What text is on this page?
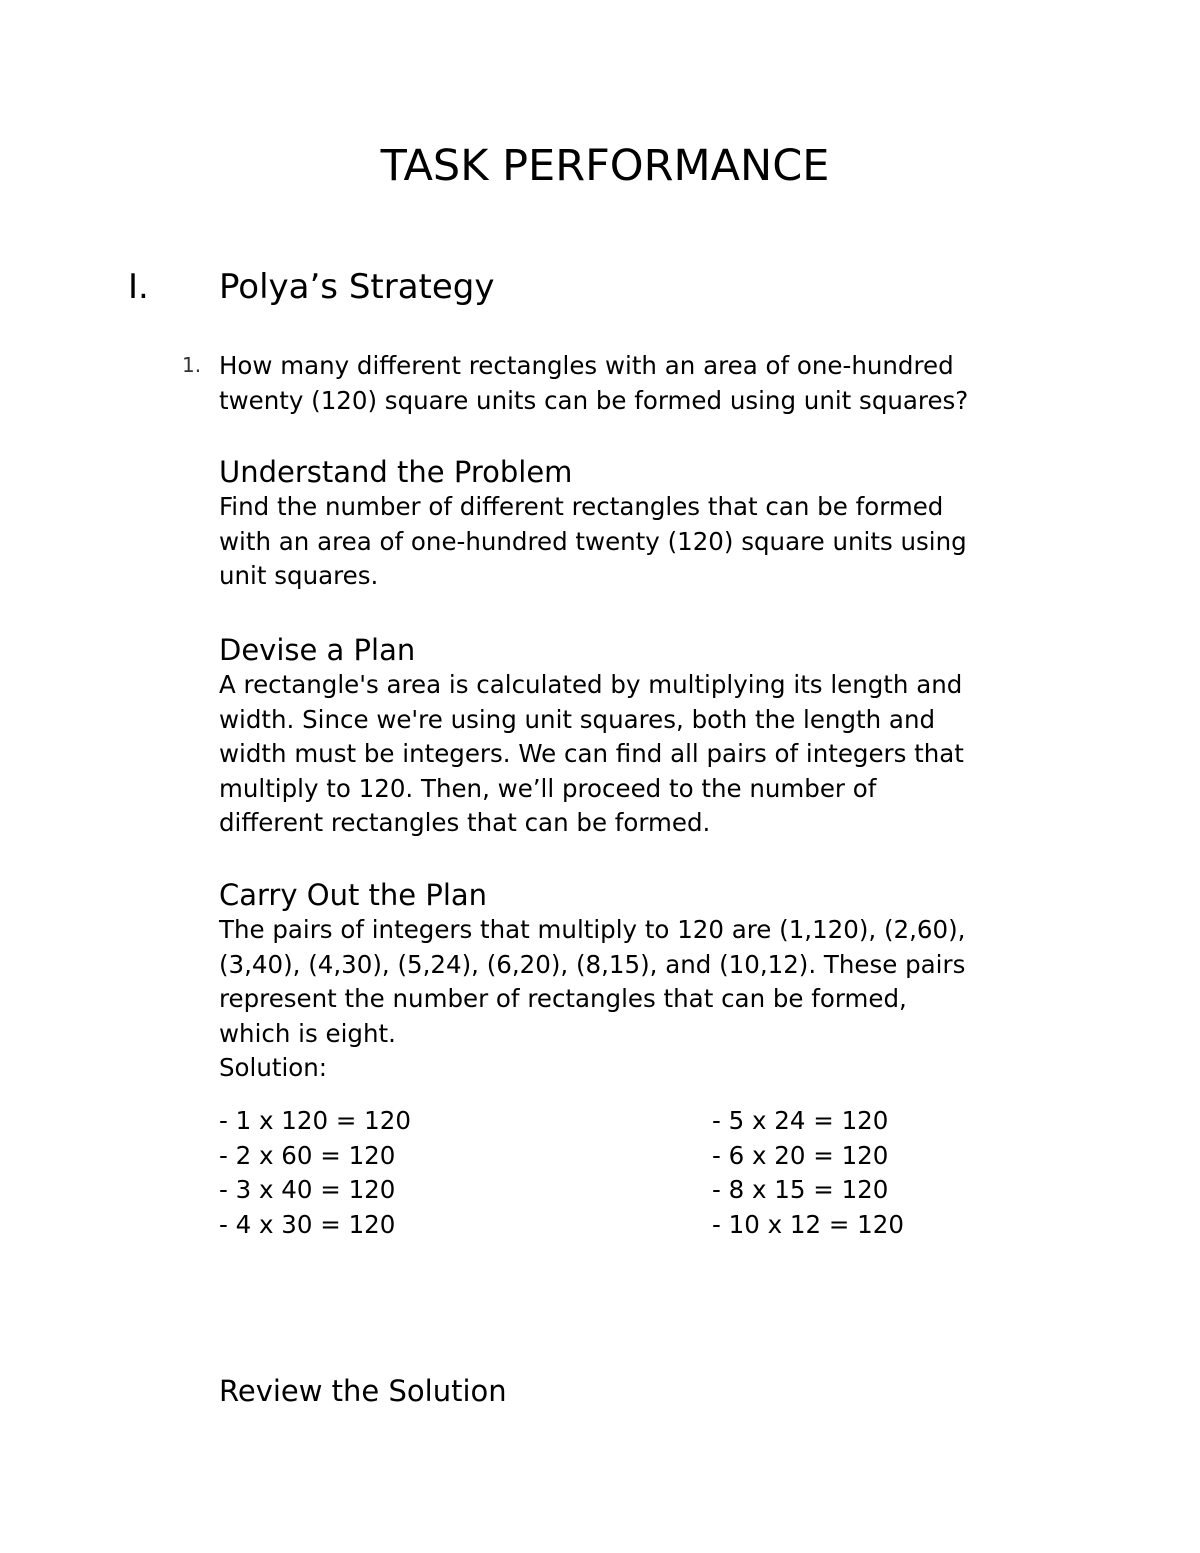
TASK PERFORMANCE
I. Polya’s Strategy
1. How many different rectangles with an area of one-hundred
twenty (120) square units can be formed using unit squares?
Understand the Problem

Find the number of different rectangles that can be formed

with an area of one-hundred twenty (120) square units using

unit squares.

Devise a Plan

A rectangle's area is calculated by multiplying its length and

width. Since we're using unit squares, both the length and

width must be integers. We can find all pairs of integers that

multiply to 120. Then, we’ll proceed to the number of

different rectangles that can be formed.

Carry Out the Plan

The pairs of integers that multiply to 120 are (1,120), (2,60),

(3,40), (4,30), (5,24), (6,20), (8,15), and (10,12). These pairs

represent the number of rectangles that can be formed,

which is eight.

Solution:

- 1 x 120 = 120
- 2 x 60 = 120
- 3 x 40 = 120
- 4 x 30 = 120
- 5 x 24 = 120
- 6 x 20 = 120
- 8 x 15 = 120
- 10 x 12 = 120
Review the Solution
